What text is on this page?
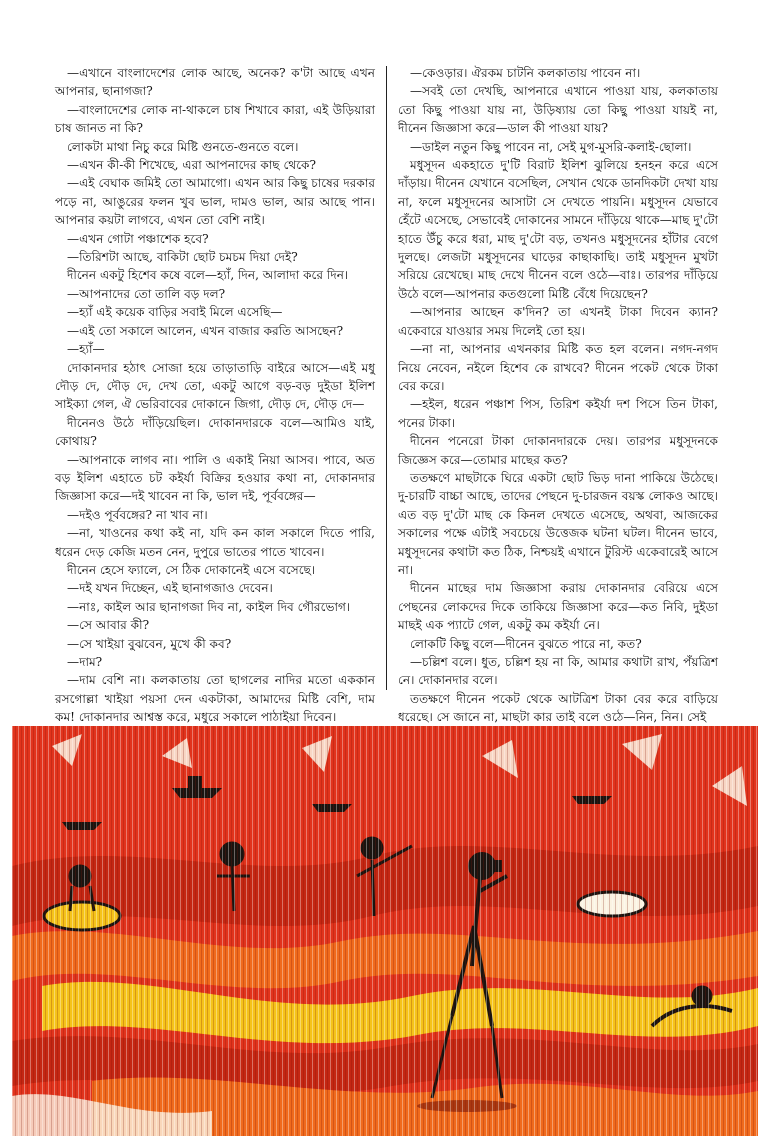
—এখানে বাংলাদেশের লোক আছে, অনেক? ক'টা আছে এখন আপনার, ছানাগজা?

—বাংলাদেশের লোক না-থাকলে চাষ শিখাবে কারা, এই উড়িয়ারা চাষ জানত না কি?

লোকটা মাথা নিচু করে মিষ্টি গুনতে-গুনতে বলে।

—এখন কী-কী শিখেছে, এরা আপনাদের কাছ থেকে?

—এই বেঘাক জমিই তো আমাগো। এখন আর কিছু চাষের দরকার পড়ে না, আঙুরের ফলন খুব ভাল, দামও ভাল, আর আছে পান। আপনার কয়টা লাগবে, এখন তো বেশি নাই।

—এখন গোটা পঞ্চাশেক হবে?

—তিরিশটা আছে, বাকিটা ছোট চমচম দিয়া দেই?

দীনেন একটু হিশেব কষে বলে—হ্যাঁ, দিন, আলাদা করে দিন।

—আপনাদের তো তালি বড় দল?

—হ্যাঁ এই কয়েক বাড়ির সবাই মিলে এসেছি—

—এই তো সকালে আলেন, এখন বাজার করতি আসছেন?

—হ্যাঁ—

দোকানদার হঠাৎ সোজা হয়ে তাড়াতাড়ি বাইরে আসে—এই মধু দৌড় দে, দৌড় দে, দেখ তো, একটু আগে বড়-বড় দুইডা ইলিশ সাইক্যা গেল, ঐ ভেরিবাবের দোকানে জিগা, দৌড় দে, দৌড় দে—

দীনেনও উঠে দাঁড়িয়েছিল। দোকানদারকে বলে—আমিও যাই, কোথায়?

—আপনাকে লাগব না। পালি ও একাই নিয়া আসব। পাবে, অত বড় ইলিশ এহাতে চট কইর্যা বিক্রির হওয়ার কথা না, দোকানদার জিজ্ঞাসা করে—দই খাবেন না কি, ভাল দই, পূর্ববঙ্গের—

—দইও পূর্ববঙ্গের? না খাব না।

—না, খাওনের কথা কই না, যদি কন কাল সকালে দিতে পারি, ধরেন দেড় কেজি মতন নেন, দুপুরে ভাতের পাতে খাবেন।

দীনেন হেসে ফ্যালে, সে ঠিক দোকানেই এসে বসেছে।

—দই যখন দিচ্ছেন, এই ছানাগজাও দেবেন।

—নাঃ, কাইল আর ছানাগজা দিব না, কাইল দিব গৌরভোগ।

—সে আবার কী?

—সে খাইয়া বুঝবেন, মুখে কী কব?

—দাম?

—দাম বেশি না। কলকাতায় তো ছাগলের নাদির মতো এককান রসগোল্লা খাইয়া পয়সা দেন একটাকা, আমাদের মিষ্টি বেশি, দাম কম! দোকানদার আশ্বস্ত করে, মধুরে সকালে পাঠাইয়া দিবেন।

—কেওড়ার। ঐরকম চাটনি কলকাতায় পাবেন না।

—সবই তো দেখছি, আপনারে এখানে পাওয়া যায়, কলকাতায় তো কিছু পাওয়া যায় না, উড়িষ্যায় তো কিছু পাওয়া যায়ই না, দীনেন জিজ্ঞাসা করে—ডাল কী পাওয়া যায়?

—ডাইল নতুন কিছু পাবেন না, সেই মুগ-মুসরি-কলাই-ছোলা।

মধুসূদন একহাতে দু'টি বিরাট ইলিশ ঝুলিয়ে হনহন করে এসে দাঁড়ায়। দীনেন যেখানে বসেছিল, সেখান থেকে ডানদিকটা দেখা যায় না, ফলে মধুসূদনের আসাটা সে দেখতে পায়নি। মধুসূদন যেভাবে হেঁটে এসেছে, সেভাবেই দোকানের সামনে দাঁড়িয়ে থাকে—মাছ দু'টো হাতে উঁচু করে ধরা, মাছ দু'টো বড়, তখনও মধুসূদনের হাঁটার বেগে দুলছে। লেজটা মধুসূদনের ঘাড়ের কাছাকাছি। তাই মধুসূদন মুখটা সরিয়ে রেখেছে। মাছ দেখে দীনেন বলে ওঠে—বাঃ। তারপর দাঁড়িয়ে উঠে বলে—আপনার কতগুলো মিষ্টি বেঁধে দিয়েছেন?

—আপনার আছেন ক'দিন? তা এখনই টাকা দিবেন ক্যান? একেবারে যাওয়ার সময় দিলেই তো হয়।

—না না, আপনার এখনকার মিষ্টি কত হল বলেন। নগদ-নগদ নিয়ে নেবেন, নইলে হিশেব কে রাখবে? দীনেন পকেট থেকে টাকা বের করে।

—হইল, ধরেন পঞ্চাশ পিস, তিরিশ কইর্যা দশ পিসে তিন টাকা, পনের টাকা।

দীনেন পনেরো টাকা দোকানদারকে দেয়। তারপর মধুসূদনকে জিজ্ঞেস করে—তোমার মাছের কত?

ততক্ষণে মাছটাকে ঘিরে একটা ছোট ভিড় দানা পাকিয়ে উঠেছে। দু-চারটি বাচ্চা আছে, তাদের পেছনে দু-চারজন বয়স্ক লোকও আছে। এত বড় দু'টো মাছ কে কিনল দেখতে এসেছে, অথবা, আজকের সকালের পক্ষে এটাই সবচেয়ে উত্তেজক ঘটনা ঘটল। দীনেন ভাবে, মধুসূদনের কথাটা কত ঠিক, নিশ্চয়ই এখানে টুরিস্ট একেবারেই আসে না।

দীনেন মাছের দাম জিজ্ঞাসা করায় দোকানদার বেরিয়ে এসে পেছনের লোকদের দিকে তাকিয়ে জিজ্ঞাসা করে—কত নিবি, দুইডা মাছই এক প্যাটে গেল, একটু কম কইর্যা নে।

লোকটি কিছু বলে—দীনেন বুঝতে পারে না, কত?

—চল্লিশ বলে। ধুত, চল্লিশ হয় না কি, আমার কথাটা রাখ, পঁয়ত্রিশ নে। দোকানদার বলে।

ততক্ষণে দীনেন পকেট থেকে আটত্রিশ টাকা বের করে বাড়িয়ে ধরেছে। সে জানে না, মাছটা কার তাই বলে ওঠে—নিন, নিন। সেই
